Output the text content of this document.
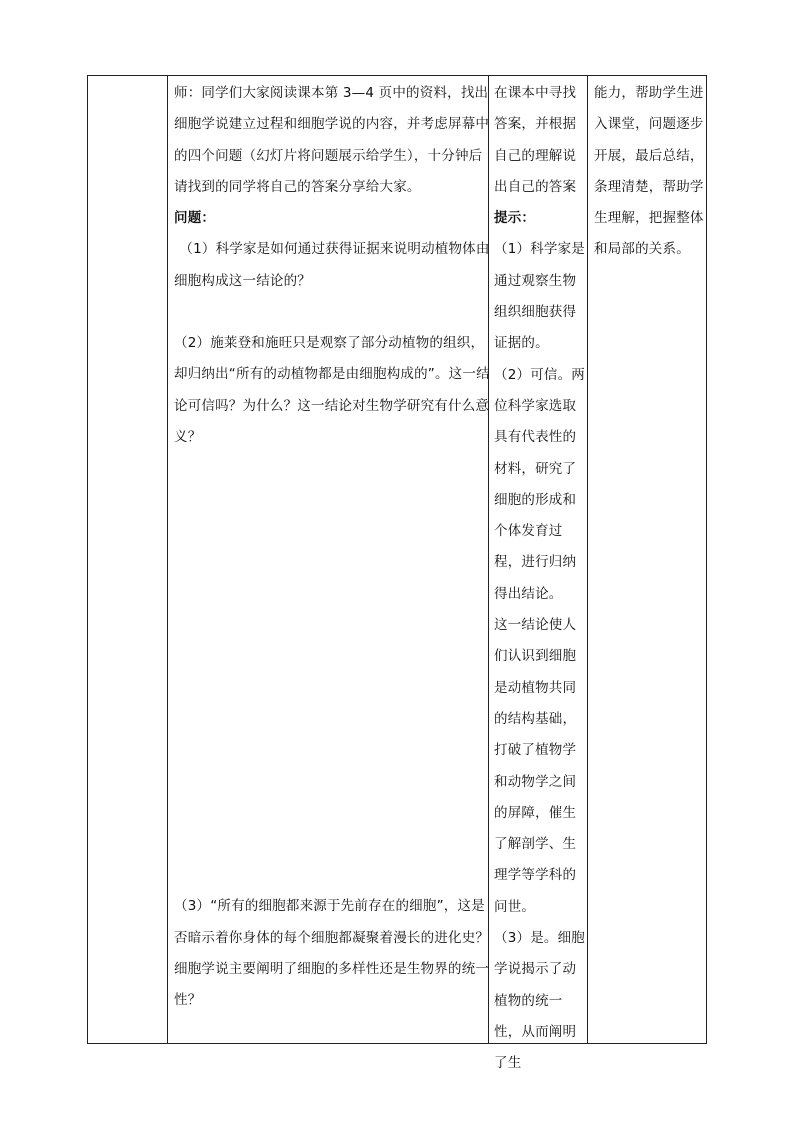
师：同学们大家阅读课本第 3—4 页中的资料，找出细胞学说建立过程和细胞学说的内容，并考虑屏幕中的四个问题（幻灯片将问题展示给学生），十分钟后请找到的同学将自己的答案分享给大家。

问题：

（1）科学家是如何通过获得证据来说明动植物体由细胞构成这一结论的？

（2）施莱登和施旺只是观察了部分动植物的组织，却归纳出“所有的动植物都是由细胞构成的”。这一结论可信吗？为什么？这一结论对生物学研究有什么意义？

（3）“所有的细胞都来源于先前存在的细胞”，这是否暗示着你身体的每个细胞都凝聚着漫长的进化史？细胞学说主要阐明了细胞的多样性还是生物界的统一性？

在课本中寻找答案，并根据自己的理解说出自己的答案

提示：

（1）科学家是通过观察生物组织细胞获得证据的。

（2）可信。两位科学家选取具有代表性的材料，研究了细胞的形成和个体发育过程，进行归纳得出结论。

这一结论使人们认识到细胞是动植物共同的结构基础，打破了植物学和动物学之间的屏障，催生了解剖学、生理学等学科的问世。

（3）是。细胞学说揭示了动植物的统一性，从而阐明了生

能力，帮助学生进入课堂，问题逐步开展，最后总结，条理清楚，帮助学生理解，把握整体和局部的关系。
